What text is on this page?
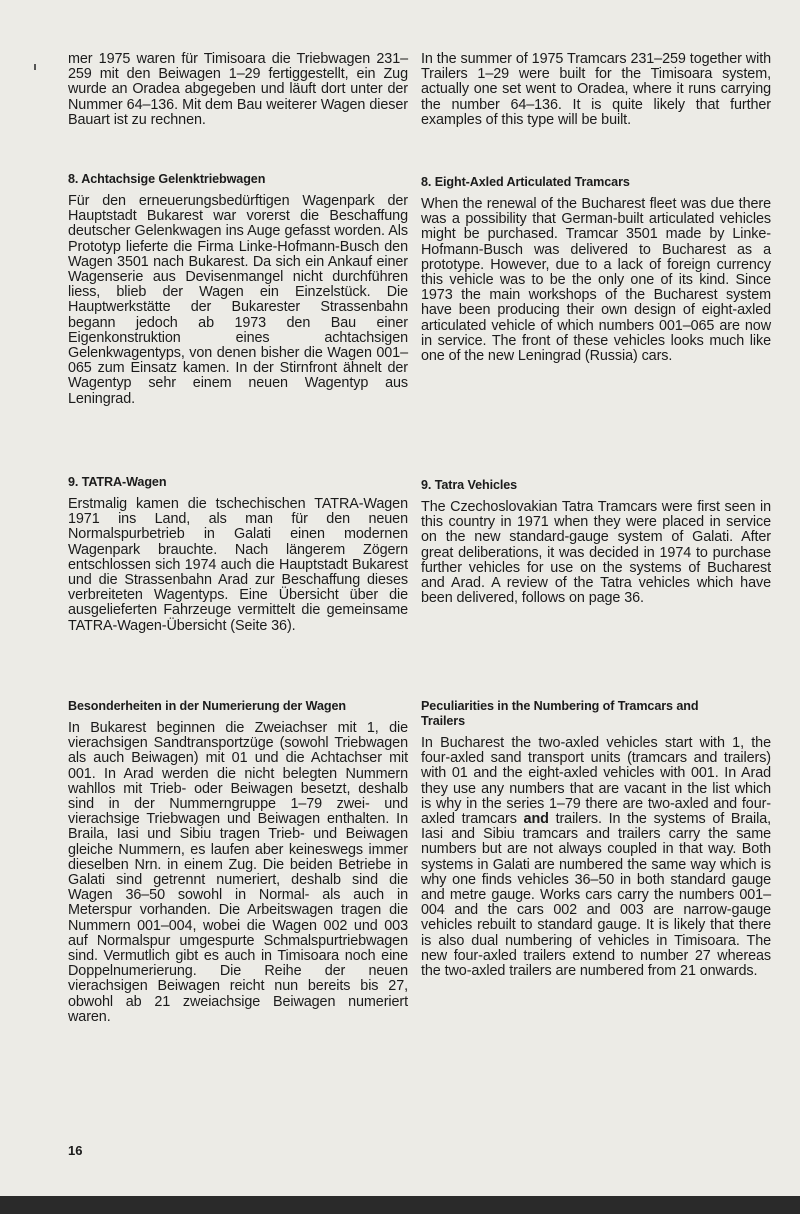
mer 1975 waren für Timisoara die Triebwagen 231–259 mit den Beiwagen 1–29 fertiggestellt, ein Zug wurde an Oradea abgegeben und läuft dort unter der Nummer 64–136. Mit dem Bau weiterer Wagen dieser Bauart ist zu rechnen.

8. Achtachsige Gelenktriebwagen

Für den erneuerungsbedürftigen Wagenpark der Hauptstadt Bukarest war vorerst die Beschaffung deutscher Gelenkwagen ins Auge gefasst worden. Als Prototyp lieferte die Firma Linke-Hofmann-Busch den Wagen 3501 nach Bukarest. Da sich ein Ankauf einer Wagenserie aus Devisenmangel nicht durchführen liess, blieb der Wagen ein Einzelstück. Die Hauptwerkstätte der Bukarester Strassenbahn begann jedoch ab 1973 den Bau einer Eigenkonstruktion eines achtachsigen Gelenkwagentyps, von denen bisher die Wagen 001–065 zum Einsatz kamen. In der Stirnfront ähnelt der Wagentyp sehr einem neuen Wagentyp aus Leningrad.

9. TATRA-Wagen

Erstmalig kamen die tschechischen TATRA-Wagen 1971 ins Land, als man für den neuen Normalspurbetrieb in Galati einen modernen Wagenpark brauchte. Nach längerem Zögern entschlossen sich 1974 auch die Hauptstadt Bukarest und die Strassenbahn Arad zur Beschaffung dieses verbreiteten Wagentyps. Eine Übersicht über die ausgelieferten Fahrzeuge vermittelt die gemeinsame TATRA-Wagen-Übersicht (Seite 36).

Besonderheiten in der Numerierung der Wagen

In Bukarest beginnen die Zweiachser mit 1, die vierachsigen Sandtransportzüge (sowohl Triebwagen als auch Beiwagen) mit 01 und die Achtachser mit 001. In Arad werden die nicht belegten Nummern wahllos mit Trieb- oder Beiwagen besetzt, deshalb sind in der Nummerngruppe 1–79 zwei- und vierachsige Triebwagen und Beiwagen enthalten. In Braila, Iasi und Sibiu tragen Trieb- und Beiwagen gleiche Nummern, es laufen aber keineswegs immer dieselben Nrn. in einem Zug. Die beiden Betriebe in Galati sind getrennt numeriert, deshalb sind die Wagen 36–50 sowohl in Normal- als auch in Meterspur vorhanden. Die Arbeitswagen tragen die Nummern 001–004, wobei die Wagen 002 und 003 auf Normalspur umgespurte Schmalspurtriebwagen sind. Vermutlich gibt es auch in Timisoara noch eine Doppelnumerierung. Die Reihe der neuen vierachsigen Beiwagen reicht nun bereits bis 27, obwohl ab 21 zweiachsige Beiwagen numeriert waren.

In the summer of 1975 Tramcars 231–259 together with Trailers 1–29 were built for the Timisoara system, actually one set went to Oradea, where it runs carrying the number 64–136. It is quite likely that further examples of this type will be built.

8. Eight-Axled Articulated Tramcars

When the renewal of the Bucharest fleet was due there was a possibility that German-built articulated vehicles might be purchased. Tramcar 3501 made by Linke-Hofmann-Busch was delivered to Bucharest as a prototype. However, due to a lack of foreign currency this vehicle was to be the only one of its kind. Since 1973 the main workshops of the Bucharest system have been producing their own design of eight-axled articulated vehicle of which numbers 001–065 are now in service. The front of these vehicles looks much like one of the new Leningrad (Russia) cars.

9. Tatra Vehicles

The Czechoslovakian Tatra Tramcars were first seen in this country in 1971 when they were placed in service on the new standard-gauge system of Galati. After great deliberations, it was decided in 1974 to purchase further vehicles for use on the systems of Bucharest and Arad. A review of the Tatra vehicles which have been delivered, follows on page 36.

Peculiarities in the Numbering of Tramcars and Trailers

In Bucharest the two-axled vehicles start with 1, the four-axled sand transport units (tramcars and trailers) with 01 and the eight-axled vehicles with 001. In Arad they use any numbers that are vacant in the list which is why in the series 1–79 there are two-axled and four-axled tramcars and trailers. In the systems of Braila, Iasi and Sibiu tramcars and trailers carry the same numbers but are not always coupled in that way. Both systems in Galati are numbered the same way which is why one finds vehicles 36–50 in both standard gauge and metre gauge. Works cars carry the numbers 001–004 and the cars 002 and 003 are narrow-gauge vehicles rebuilt to standard gauge. It is likely that there is also dual numbering of vehicles in Timisoara. The new four-axled trailers extend to number 27 whereas the two-axled trailers are numbered from 21 onwards.

16
